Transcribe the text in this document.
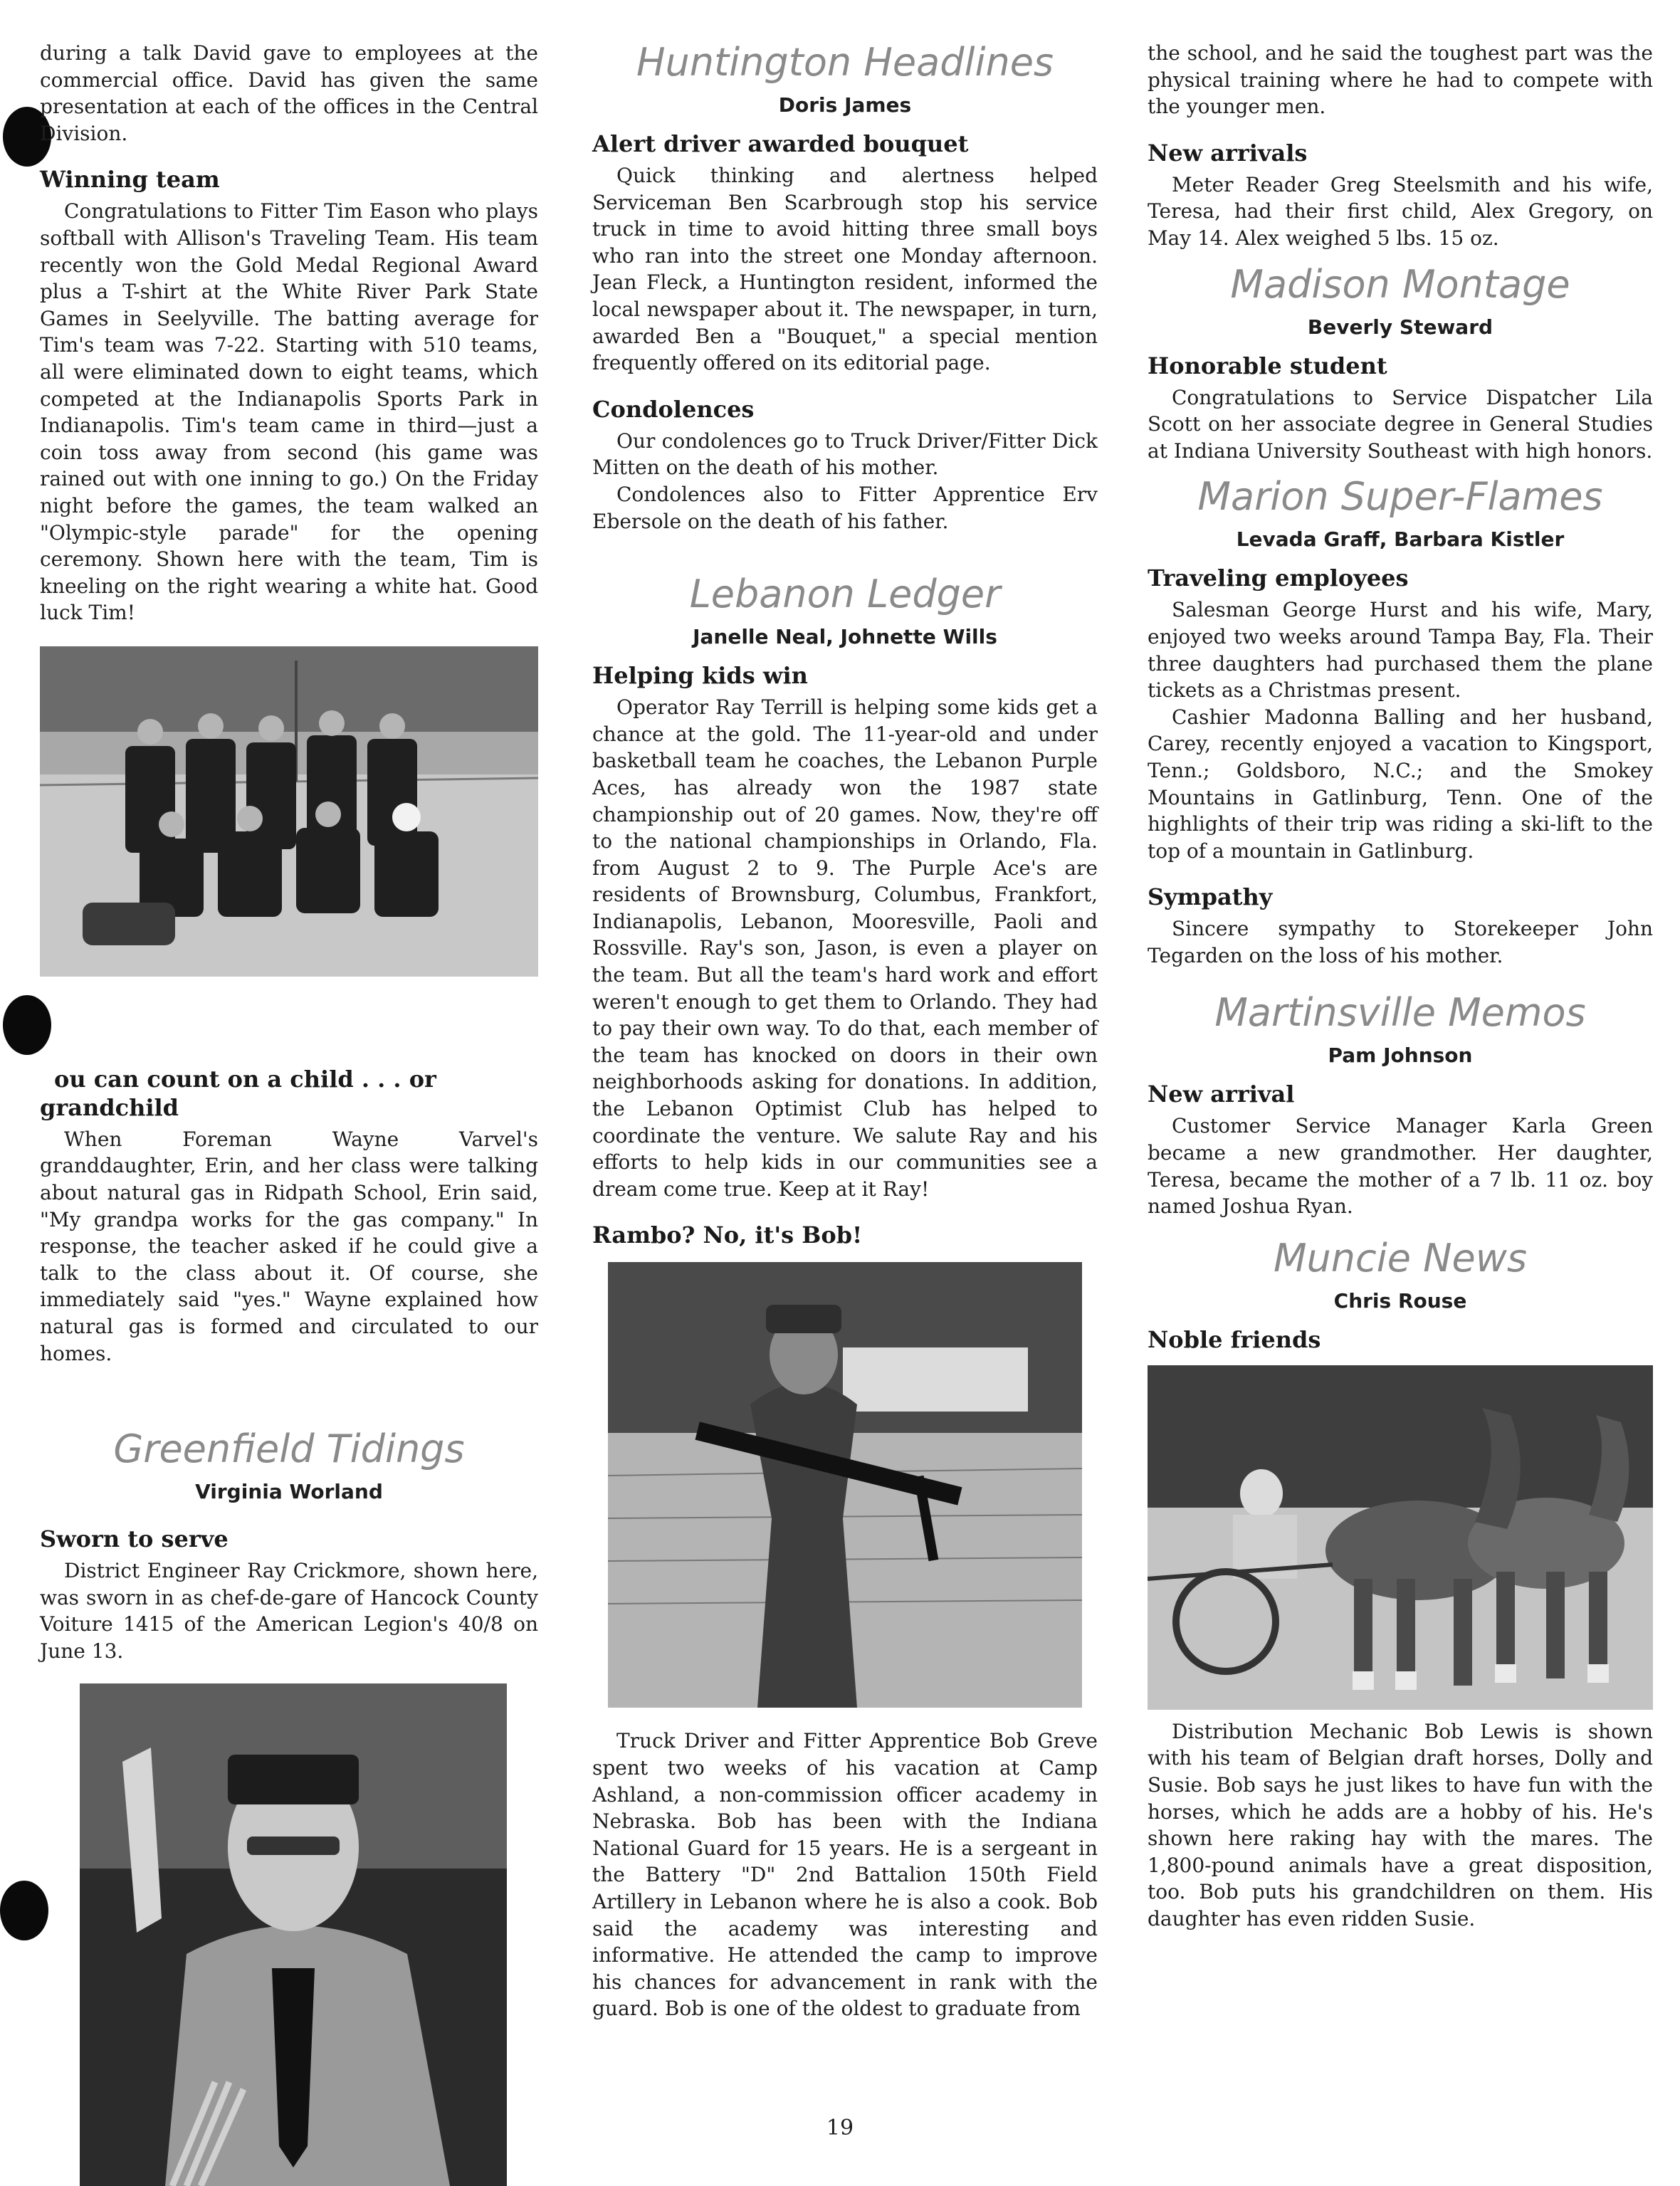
during a talk David gave to employees at the commercial office. David has given the same presentation at each of the offices in the Central Division.

Winning team

Congratulations to Fitter Tim Eason who plays softball with Allison's Traveling Team. His team recently won the Gold Medal Regional Award plus a T-shirt at the White River Park State Games in Seelyville. The batting average for Tim's team was 7-22. Starting with 510 teams, all were eliminated down to eight teams, which competed at the Indianapolis Sports Park in Indianapolis. Tim's team came in third—just a coin toss away from second (his game was rained out with one inning to go.) On the Friday night before the games, the team walked an "Olympic-style parade" for the opening ceremony. Shown here with the team, Tim is kneeling on the right wearing a white hat. Good luck Tim!

ou can count on a child . . . or grandchild

When Foreman Wayne Varvel's granddaughter, Erin, and her class were talking about natural gas in Ridpath School, Erin said, "My grandpa works for the gas company." In response, the teacher asked if he could give a talk to the class about it. Of course, she immediately said "yes." Wayne explained how natural gas is formed and circulated to our homes.

Greenfield Tidings
Virginia Worland
Sworn to serve

District Engineer Ray Crickmore, shown here, was sworn in as chef-de-gare of Hancock County Voiture 1415 of the American Legion's 40/8 on June 13.

Huntington Headlines
Doris James
Alert driver awarded bouquet

Quick thinking and alertness helped Serviceman Ben Scarbrough stop his service truck in time to avoid hitting three small boys who ran into the street one Monday afternoon. Jean Fleck, a Huntington resident, informed the local newspaper about it. The newspaper, in turn, awarded Ben a "Bouquet," a special mention frequently offered on its editorial page.

Condolences

Our condolences go to Truck Driver/Fitter Dick Mitten on the death of his mother.

Condolences also to Fitter Apprentice Erv Ebersole on the death of his father.

Lebanon Ledger
Janelle Neal, Johnette Wills
Helping kids win

Operator Ray Terrill is helping some kids get a chance at the gold. The 11-year-old and under basketball team he coaches, the Lebanon Purple Aces, has already won the 1987 state championship out of 20 games. Now, they're off to the national championships in Orlando, Fla. from August 2 to 9. The Purple Ace's are residents of Brownsburg, Columbus, Frankfort, Indianapolis, Lebanon, Mooresville, Paoli and Rossville. Ray's son, Jason, is even a player on the team. But all the team's hard work and effort weren't enough to get them to Orlando. They had to pay their own way. To do that, each member of the team has knocked on doors in their own neighborhoods asking for donations. In addition, the Lebanon Optimist Club has helped to coordinate the venture. We salute Ray and his efforts to help kids in our communities see a dream come true. Keep at it Ray!

Rambo? No, it's Bob!

Truck Driver and Fitter Apprentice Bob Greve spent two weeks of his vacation at Camp Ashland, a non-commission officer academy in Nebraska. Bob has been with the Indiana National Guard for 15 years. He is a sergeant in the Battery "D" 2nd Battalion 150th Field Artillery in Lebanon where he is also a cook. Bob said the academy was interesting and informative. He attended the camp to improve his chances for advancement in rank with the guard. Bob is one of the oldest to graduate from

the school, and he said the toughest part was the physical training where he had to compete with the younger men.

New arrivals

Meter Reader Greg Steelsmith and his wife, Teresa, had their first child, Alex Gregory, on May 14. Alex weighed 5 lbs. 15 oz.

Madison Montage
Beverly Steward
Honorable student

Congratulations to Service Dispatcher Lila Scott on her associate degree in General Studies at Indiana University Southeast with high honors.

Marion Super-Flames
Levada Graff, Barbara Kistler
Traveling employees

Salesman George Hurst and his wife, Mary, enjoyed two weeks around Tampa Bay, Fla. Their three daughters had purchased them the plane tickets as a Christmas present.

Cashier Madonna Balling and her husband, Carey, recently enjoyed a vacation to Kingsport, Tenn.; Goldsboro, N.C.; and the Smokey Mountains in Gatlinburg, Tenn. One of the highlights of their trip was riding a ski-lift to the top of a mountain in Gatlinburg.

Sympathy

Sincere sympathy to Storekeeper John Tegarden on the loss of his mother.

Martinsville Memos
Pam Johnson
New arrival

Customer Service Manager Karla Green became a new grandmother. Her daughter, Teresa, became the mother of a 7 lb. 11 oz. boy named Joshua Ryan.

Muncie News
Chris Rouse
Noble friends

Distribution Mechanic Bob Lewis is shown with his team of Belgian draft horses, Dolly and Susie. Bob says he just likes to have fun with the horses, which he adds are a hobby of his. He's shown here raking hay with the mares. The 1,800-pound animals have a great disposition, too. Bob puts his grandchildren on them. His daughter has even ridden Susie.

19
